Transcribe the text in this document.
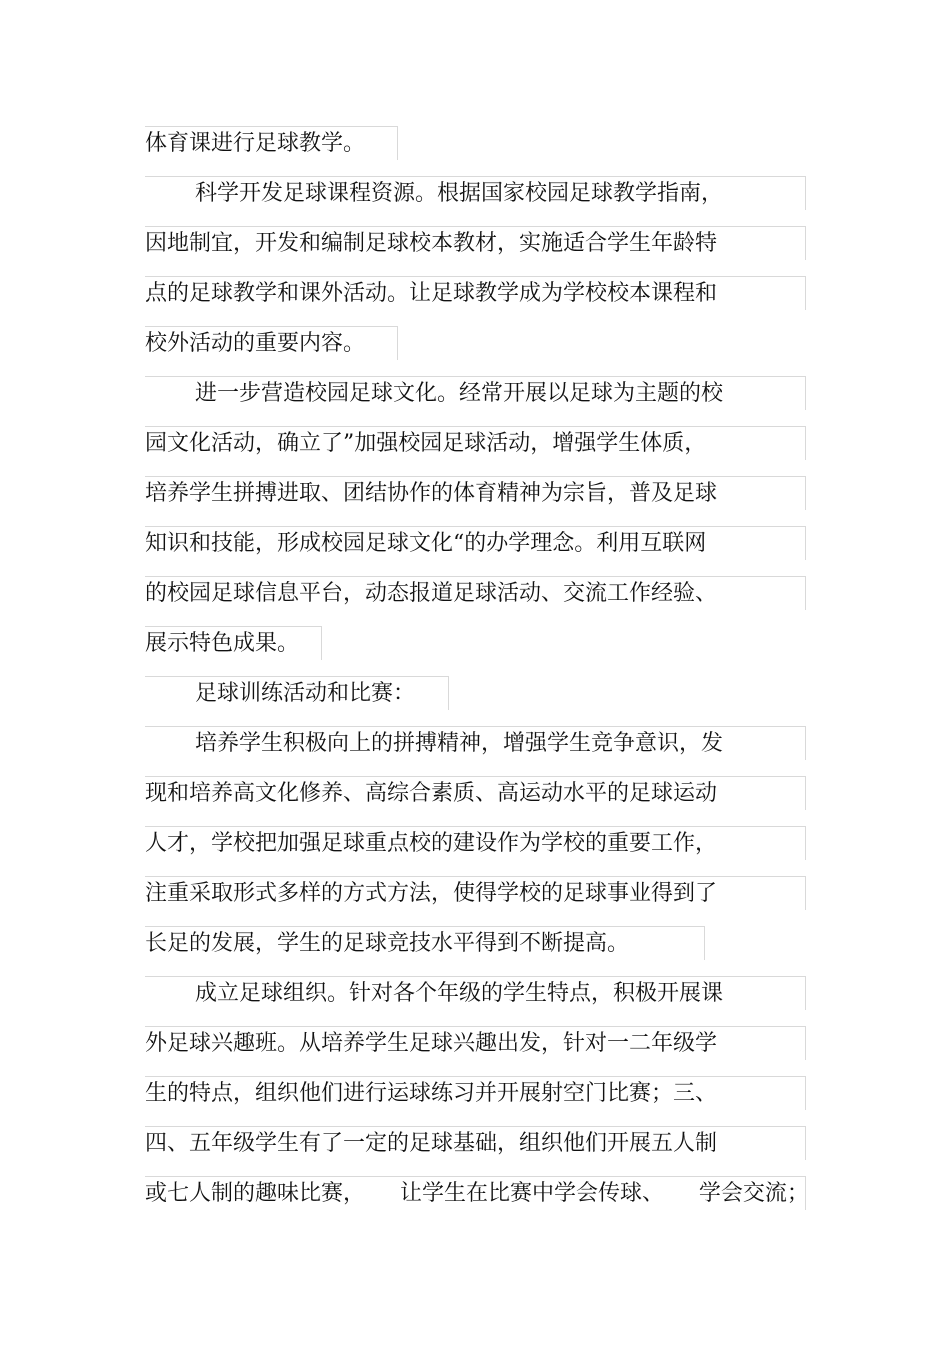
体育课进行足球教学。
科学开发足球课程资源。根据国家校园足球教学指南，
因地制宜，开发和编制足球校本教材，实施适合学生年龄特
点的足球教学和课外活动。让足球教学成为学校校本课程和
校外活动的重要内容。
进一步营造校园足球文化。经常开展以足球为主题的校
园文化活动，确立了”加强校园足球活动，增强学生体质，
培养学生拼搏进取、团结协作的体育精神为宗旨，普及足球
知识和技能，形成校园足球文化“的办学理念。利用互联网
的校园足球信息平台，动态报道足球活动、交流工作经验、
展示特色成果。
足球训练活动和比赛：
培养学生积极向上的拼搏精神，增强学生竞争意识，发
现和培养高文化修养、高综合素质、高运动水平的足球运动
人才，学校把加强足球重点校的建设作为学校的重要工作，
注重采取形式多样的方式方法，使得学校的足球事业得到了
长足的发展，学生的足球竞技水平得到不断提高。
成立足球组织。针对各个年级的学生特点，积极开展课
外足球兴趣班。从培养学生足球兴趣出发，针对一二年级学
生的特点，组织他们进行运球练习并开展射空门比赛；三、
四、五年级学生有了一定的足球基础，组织他们开展五人制
或七人制的趣味比赛，     让学生在比赛中学会传球、     学会交流；
